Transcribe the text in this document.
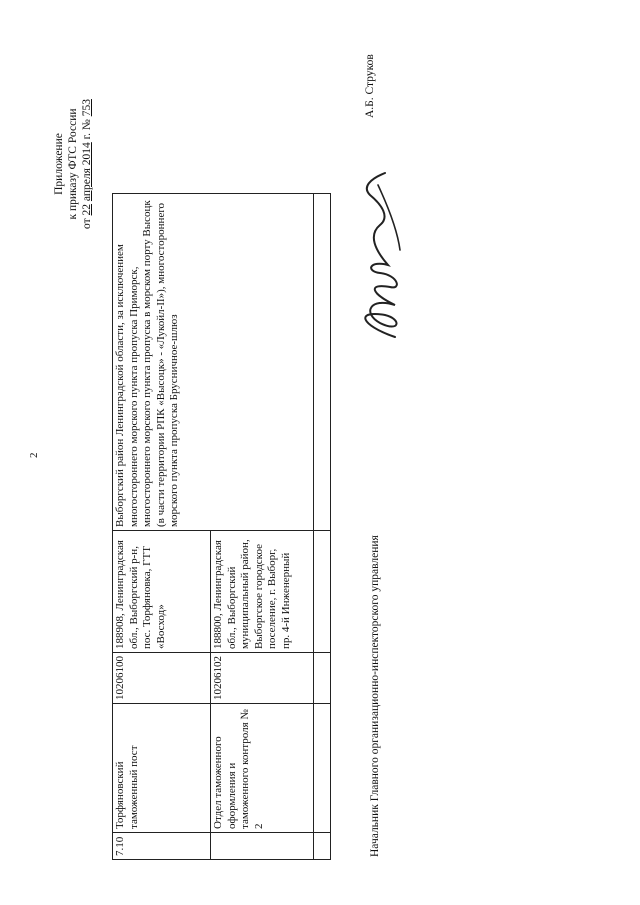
2
Приложение к приказу ФТС России
от 22 апреля 2014 г. № 753
7.10	Торфяновский таможенный пост	10206100	188908, Ленинградская обл., Выборгский р-н, пос. Торфяновка, ГТТ «Восход»	Выборгский район Ленинградской области, за исключением многостороннего морского пункта пропуска Приморск, многостороннего морского пункта пропуска в морском порту Высоцк (в части территории РПК «Высоцк» - «Лукойл-II»), многостороннего морского пункта пропуска Брусничное-шлюз
	Отдел таможенного оформления и таможенного контроля № 2	10206102	188800, Ленинградская обл., Выборгский муниципальный район, Выборгское городское поселение, г. Выборг, пр. 4-й Инженерный	
					Начальник Главного организационно-инспекторского управления
А.Б. Струков
